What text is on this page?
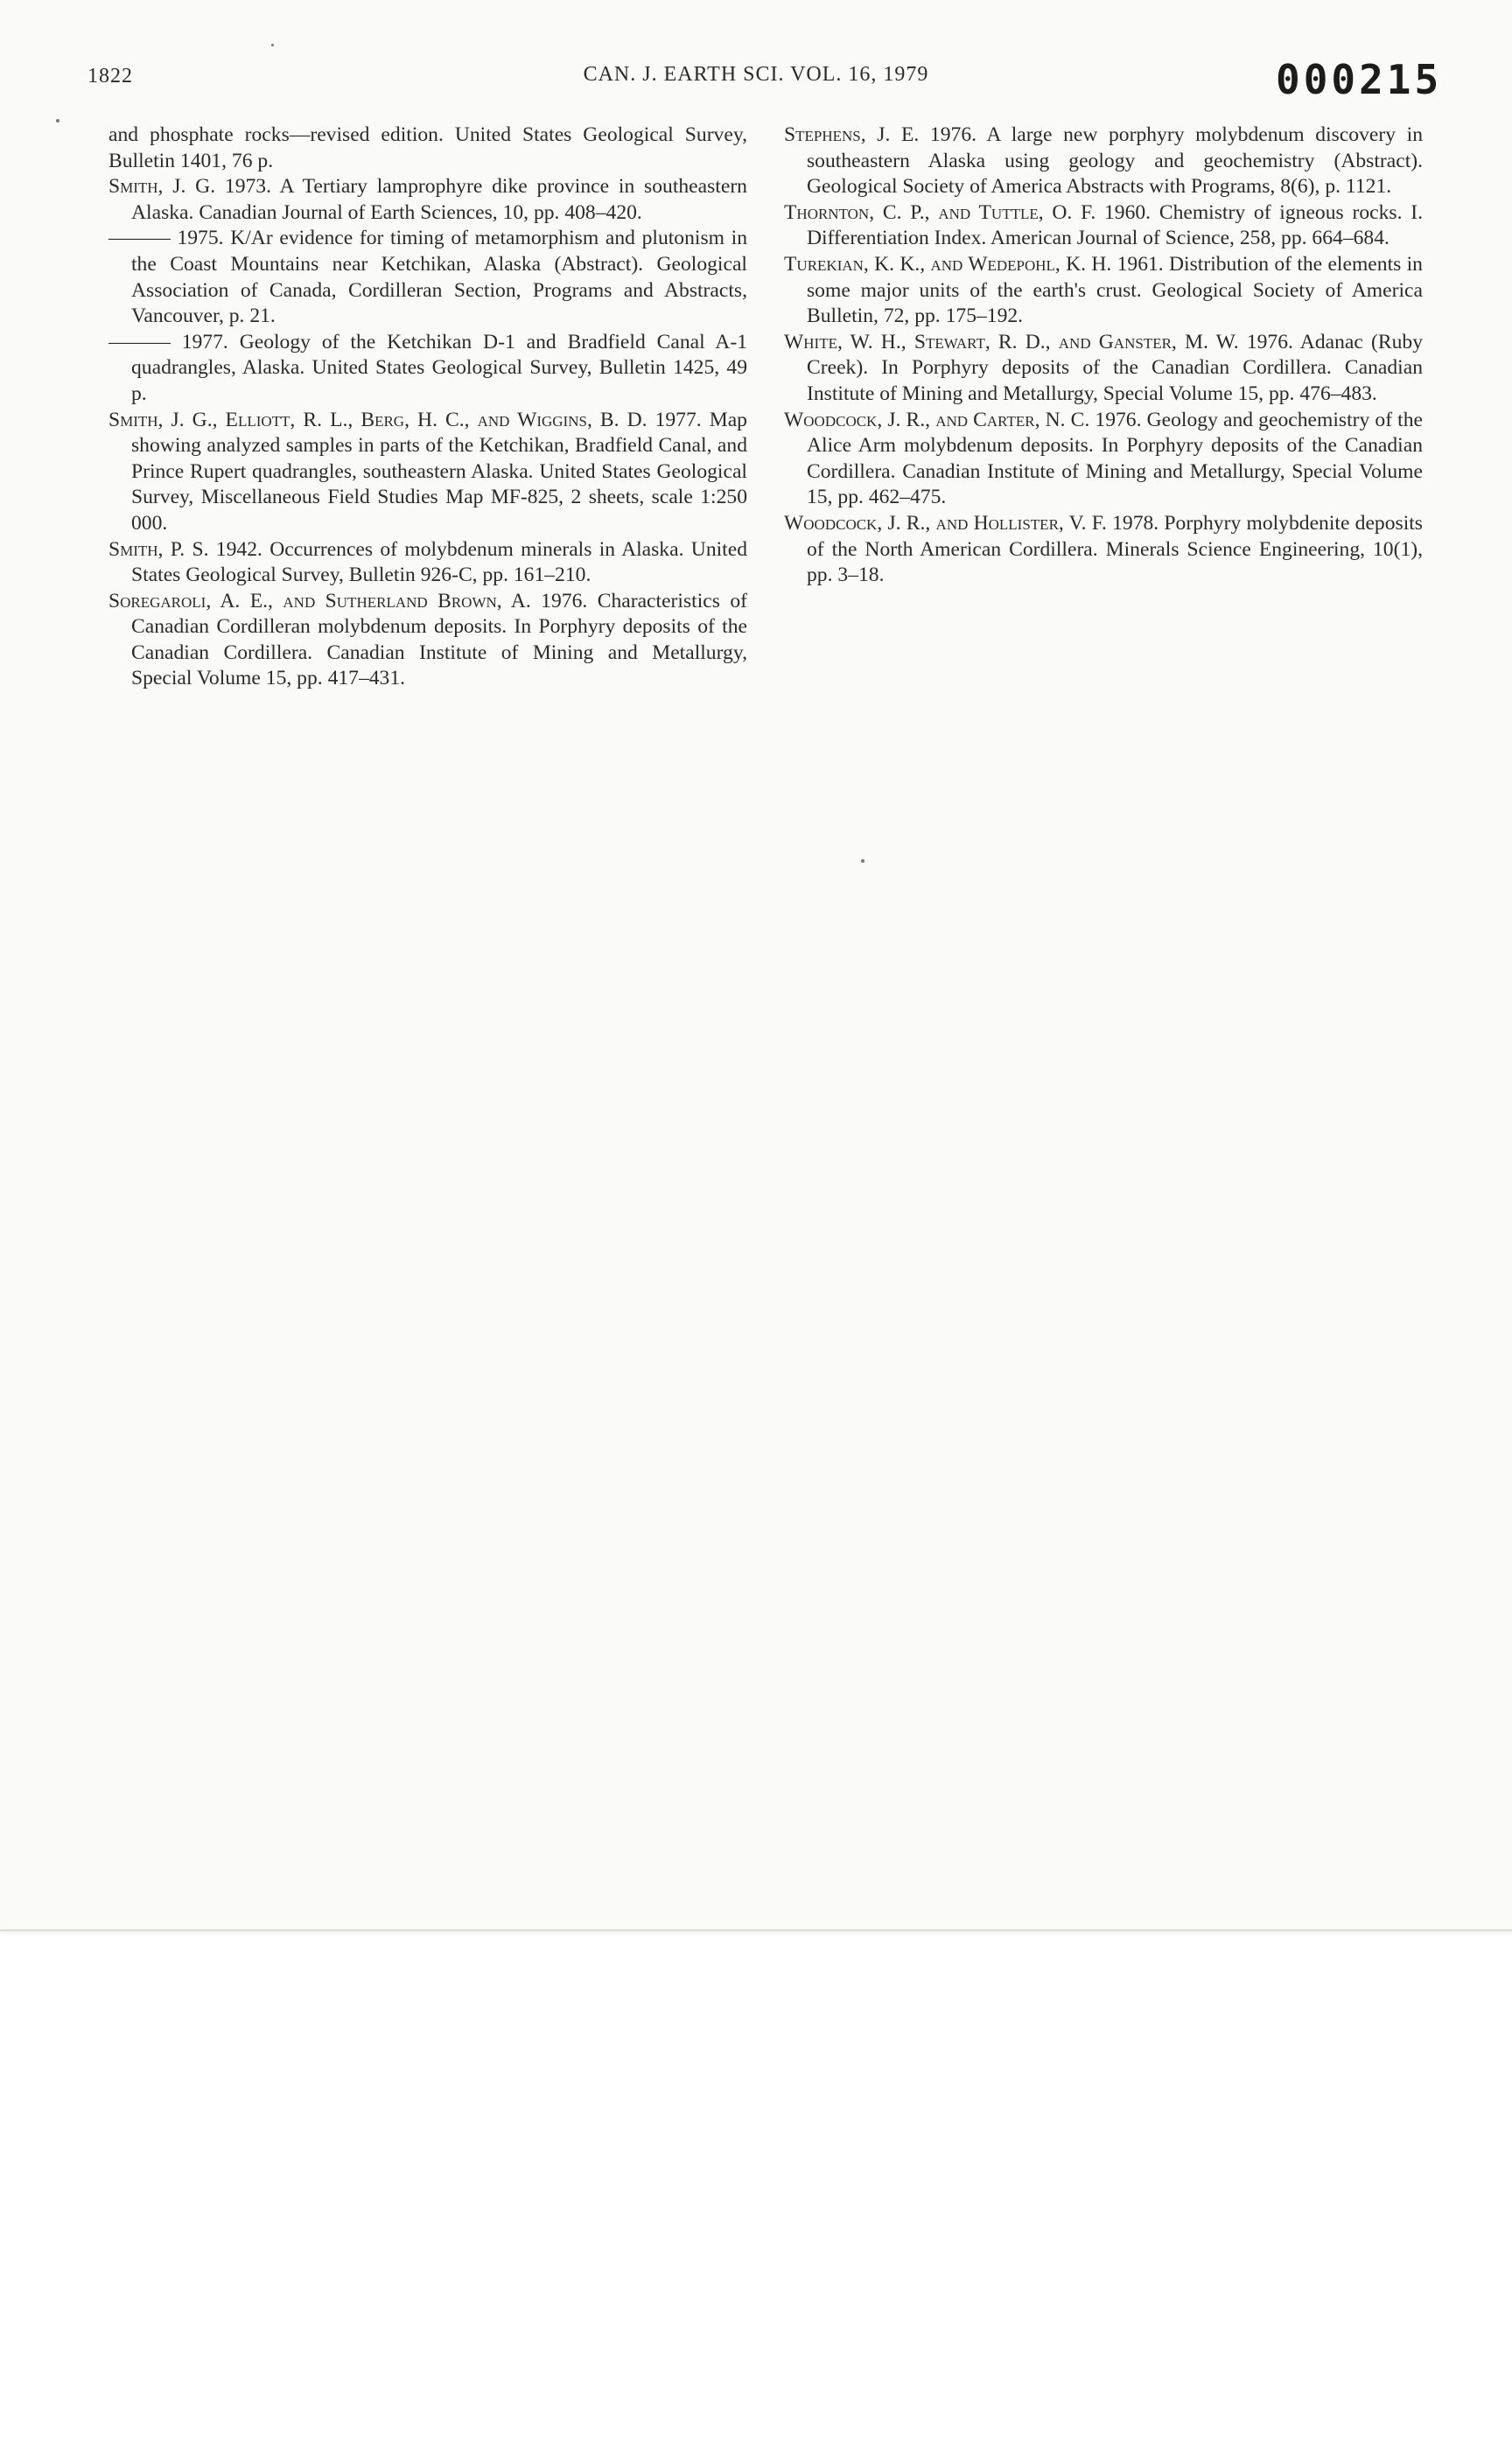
1822	CAN. J. EARTH SCI. VOL. 16, 1979	000215

and phosphate rocks—revised edition. United States Geological Survey, Bulletin 1401, 76 p.

Smith, J. G. 1973. A Tertiary lamprophyre dike province in southeastern Alaska. Canadian Journal of Earth Sciences, 10, pp. 408–420.

——— 1975. K/Ar evidence for timing of metamorphism and plutonism in the Coast Mountains near Ketchikan, Alaska (Abstract). Geological Association of Canada, Cordilleran Section, Programs and Abstracts, Vancouver, p. 21.

——— 1977. Geology of the Ketchikan D-1 and Bradfield Canal A-1 quadrangles, Alaska. United States Geological Survey, Bulletin 1425, 49 p.

Smith, J. G., Elliott, R. L., Berg, H. C., and Wiggins, B. D. 1977. Map showing analyzed samples in parts of the Ketchikan, Bradfield Canal, and Prince Rupert quadrangles, southeastern Alaska. United States Geological Survey, Miscellaneous Field Studies Map MF-825, 2 sheets, scale 1:250 000.

Smith, P. S. 1942. Occurrences of molybdenum minerals in Alaska. United States Geological Survey, Bulletin 926-C, pp. 161–210.

Soregaroli, A. E., and Sutherland Brown, A. 1976. Characteristics of Canadian Cordilleran molybdenum deposits. In Porphyry deposits of the Canadian Cordillera. Canadian Institute of Mining and Metallurgy, Special Volume 15, pp. 417–431.

Stephens, J. E. 1976. A large new porphyry molybdenum discovery in southeastern Alaska using geology and geochemistry (Abstract). Geological Society of America Abstracts with Programs, 8(6), p. 1121.

Thornton, C. P., and Tuttle, O. F. 1960. Chemistry of igneous rocks. I. Differentiation Index. American Journal of Science, 258, pp. 664–684.

Turekian, K. K., and Wedepohl, K. H. 1961. Distribution of the elements in some major units of the earth's crust. Geological Society of America Bulletin, 72, pp. 175–192.

White, W. H., Stewart, R. D., and Ganster, M. W. 1976. Adanac (Ruby Creek). In Porphyry deposits of the Canadian Cordillera. Canadian Institute of Mining and Metallurgy, Special Volume 15, pp. 476–483.

Woodcock, J. R., and Carter, N. C. 1976. Geology and geochemistry of the Alice Arm molybdenum deposits. In Porphyry deposits of the Canadian Cordillera. Canadian Institute of Mining and Metallurgy, Special Volume 15, pp. 462–475.

Woodcock, J. R., and Hollister, V. F. 1978. Porphyry molybdenite deposits of the North American Cordillera. Minerals Science Engineering, 10(1), pp. 3–18.
